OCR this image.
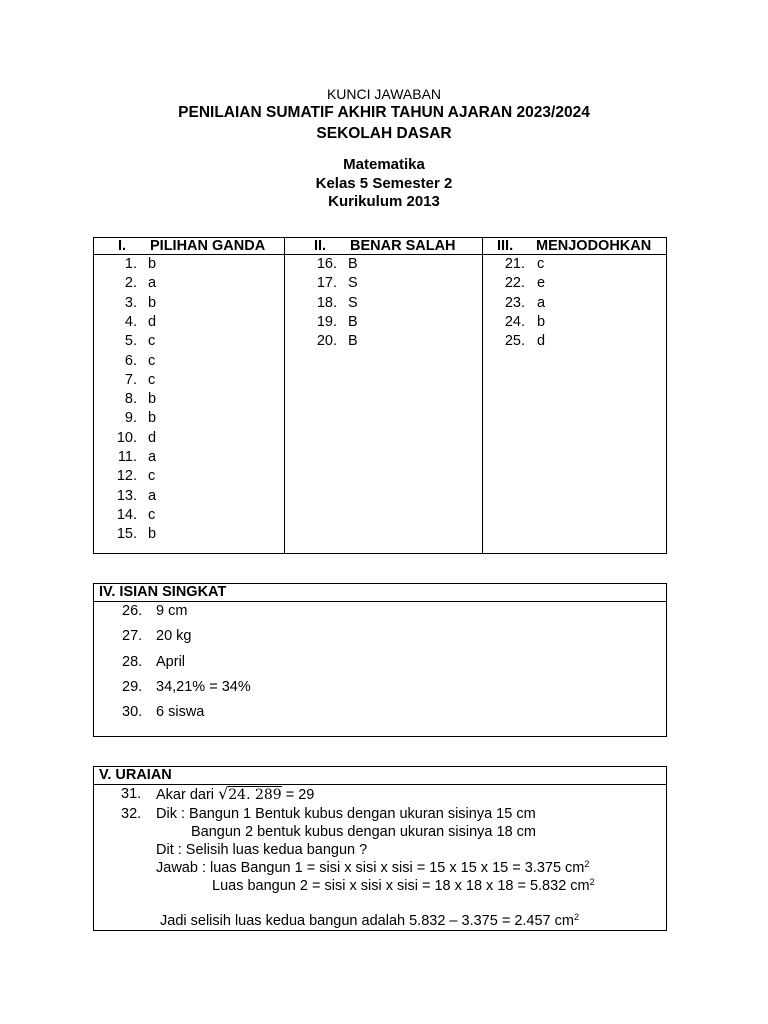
KUNCI JAWABAN
PENILAIAN SUMATIF AKHIR TAHUN AJARAN 2023/2024
SEKOLAH DASAR
Matematika
Kelas 5 Semester 2
Kurikulum 2013
I. PILIHAN GANDA	II. BENAR SALAH	III. MENJODOHKAN
1. b
2. a
3. b
4. d
5. c
6. c
7. c
8. b
9. b
10. d
11. a
12. c
13. a
14. c
15. b
16. B
17. S
18. S
19. B
20. B
21. c
22. e
23. a
24. b
25. d
IV. ISIAN SINGKAT
26. 9 cm
27. 20 kg
28. April
29. 34,21% = 34%
30. 6 siswa
V. URAIAN
31. Akar dari √24. 289 = 29
32. Dik : Bangun 1 Bentuk kubus dengan ukuran sisinya 15 cm
Bangun 2 bentuk kubus dengan ukuran sisinya 18 cm
Dit : Selisih luas kedua bangun ?
Jawab : luas Bangun 1 = sisi x sisi x sisi = 15 x 15 x 15 = 3.375 $cm^2$
Luas bangun 2 = sisi x sisi x sisi = 18 x 18 x 18 = 5.832 $cm^2$
Jadi selisih luas kedua bangun adalah 5.832 – 3.375 = 2.457 $cm^2$
